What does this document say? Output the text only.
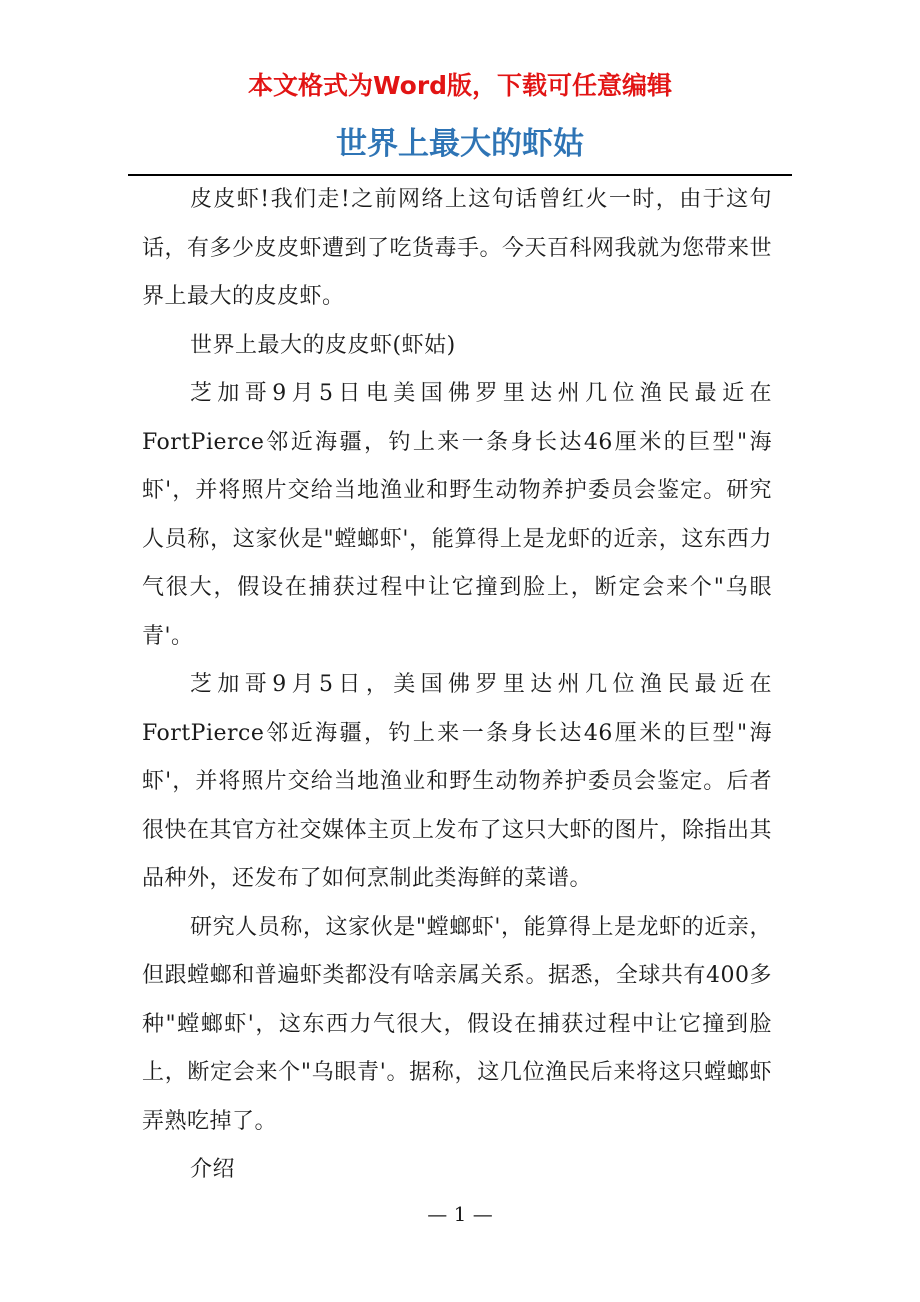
本文格式为Word版，下载可任意编辑
世界上最大的虾姑

皮皮虾!我们走!之前网络上这句话曾红火一时，由于这句话，有多少皮皮虾遭到了吃货毒手。今天百科网我就为您带来世界上最大的皮皮虾。

世界上最大的皮皮虾(虾姑)

芝加哥9月5日电美国佛罗里达州几位渔民最近在FortPierce邻近海疆，钓上来一条身长达46厘米的巨型"海虾'，并将照片交给当地渔业和野生动物养护委员会鉴定。研究人员称，这家伙是"螳螂虾'，能算得上是龙虾的近亲，这东西力气很大，假设在捕获过程中让它撞到脸上，断定会来个"乌眼青'。

芝加哥9月5日，美国佛罗里达州几位渔民最近在FortPierce邻近海疆，钓上来一条身长达46厘米的巨型"海虾'，并将照片交给当地渔业和野生动物养护委员会鉴定。后者很快在其官方社交媒体主页上发布了这只大虾的图片，除指出其品种外，还发布了如何烹制此类海鲜的菜谱。

研究人员称，这家伙是"螳螂虾'，能算得上是龙虾的近亲，但跟螳螂和普遍虾类都没有啥亲属关系。据悉，全球共有400多种"螳螂虾'，这东西力气很大，假设在捕获过程中让它撞到脸上，断定会来个"乌眼青'。据称，这几位渔民后来将这只螳螂虾弄熟吃掉了。

介绍

— 1 —
